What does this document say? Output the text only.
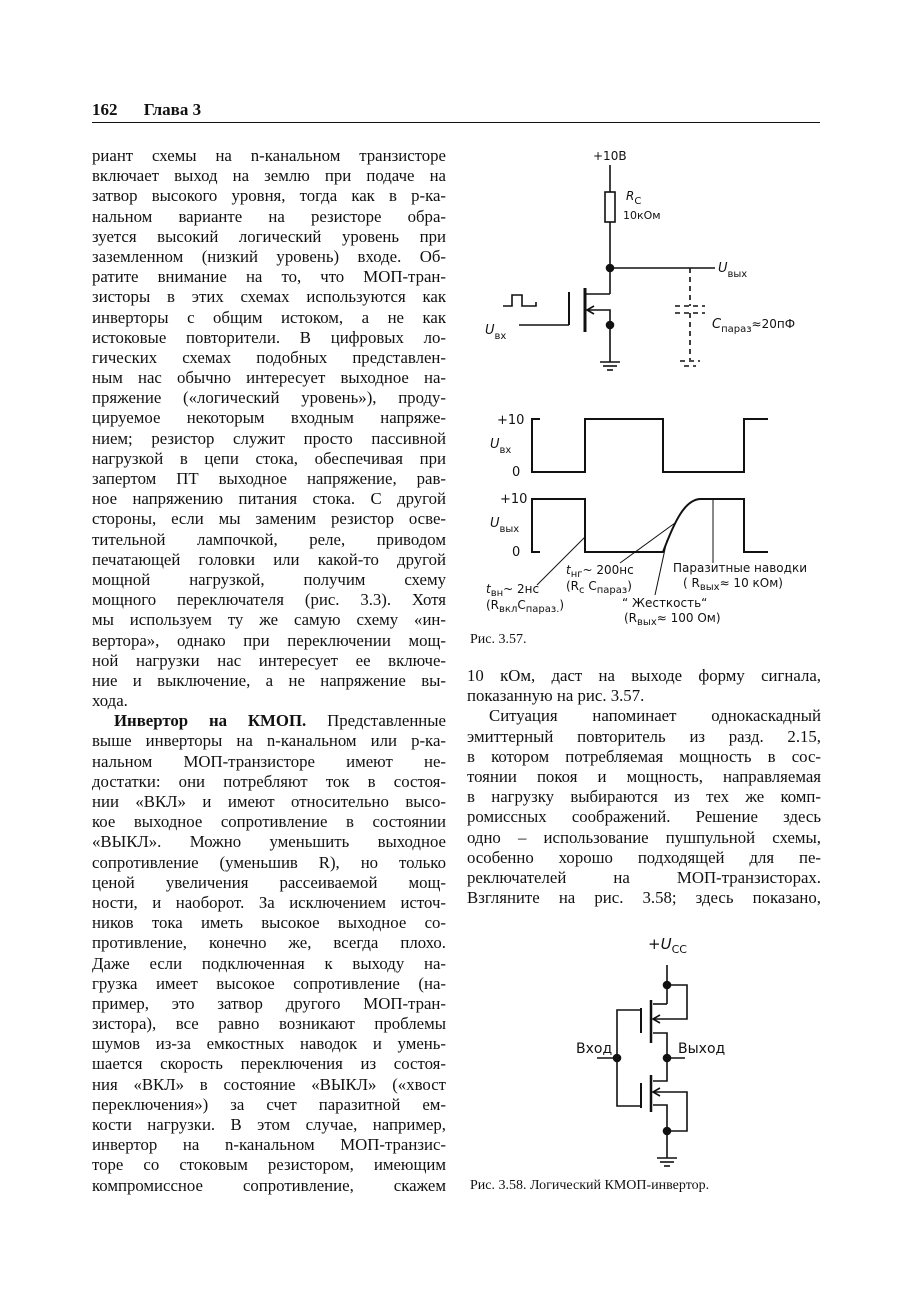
162 Глава 3
риант схемы на n-канальном транзисторе
включает выход на землю при подаче на
затвор высокого уровня, тогда как в p-ка-
нальном варианте на резисторе обра-
зуется высокий логический уровень при
заземленном (низкий уровень) входе. Об-
ратите внимание на то, что МОП-тран-
зисторы в этих схемах используются как
инверторы с общим истоком, а не как
истоковые повторители. В цифровых ло-
гических схемах подобных представлен-
ным нас обычно интересует выходное на-
пряжение («логический уровень»), проду-
цируемое некоторым входным напряже-
нием; резистор служит просто пассивной
нагрузкой в цепи стока, обеспечивая при
запертом ПТ выходное напряжение, рав-
ное напряжению питания стока. С другой
стороны, если мы заменим резистор осве-
тительной лампочкой, реле, приводом
печатающей головки или какой-то другой
мощной нагрузкой, получим схему
мощного переключателя (рис. 3.3). Хотя
мы используем ту же самую схему «ин-
вертора», однако при переключении мощ-
ной нагрузки нас интересует ее включе-
ние и выключение, а не напряжение вы-
хода.
Инвертор на КМОП. Представленные
выше инверторы на n-канальном или p-ка-
нальном МОП-транзисторе имеют не-
достатки: они потребляют ток в состоя-
нии «ВКЛ» и имеют относительно высо-
кое выходное сопротивление в состоянии
«ВЫКЛ». Можно уменьшить выходное
сопротивление (уменьшив R), но только
ценой увеличения рассеиваемой мощ-
ности, и наоборот. За исключением источ-
ников тока иметь высокое выходное со-
противление, конечно же, всегда плохо.
Даже если подключенная к выходу на-
грузка имеет высокое сопротивление (на-
пример, это затвор другого МОП-тран-
зистора), все равно возникают проблемы
шумов из-за емкостных наводок и умень-
шается скорость переключения из состоя-
ния «ВКЛ» в состояние «ВЫКЛ» («хвост
переключения») за счет паразитной ем-
кости нагрузки. В этом случае, например,
инвертор на n-канальном МОП-транзис-
торе со стоковым резистором, имеющим
компромиссное сопротивление, скажем
10 кОм, даст на выходе форму сигнала,
показанную на рис. 3.57.
Ситуация напоминает однокаскадный
эмиттерный повторитель из разд. 2.15,
в котором потребляемая мощность в сос-
тоянии покоя и мощность, направляемая
в нагрузку выбираются из тех же комп-
ромиссных соображений. Решение здесь
одно – использование пушпульной схемы,
особенно хорошо подходящей для пе-
реключателей на МОП-транзисторах.
Взгляните на рис. 3.58; здесь показано,
+10В
$R_C$
10кОм
$U_{вых}$
$C_{параз}\approx 20пФ$
$U_{вх}$
+10
$U_{вх}$
0
+10
$U_{вых}$
0
$t_{нг}\sim$ 200нс
($R_c$ $C_{параз}$)
$t_{вн}\sim$ 2нс
$(R_{вкл}C_{параз.})$
Паразитные наводки
( $R_{вых}\approx 10$ кОм)
“ Жесткость“
($R_{вых}\approx 100$ Ом)
$+U_{CC}$
Вход	Выход
Рис. 3.57.
Рис. 3.58. Логический КМОП-инвертор.
